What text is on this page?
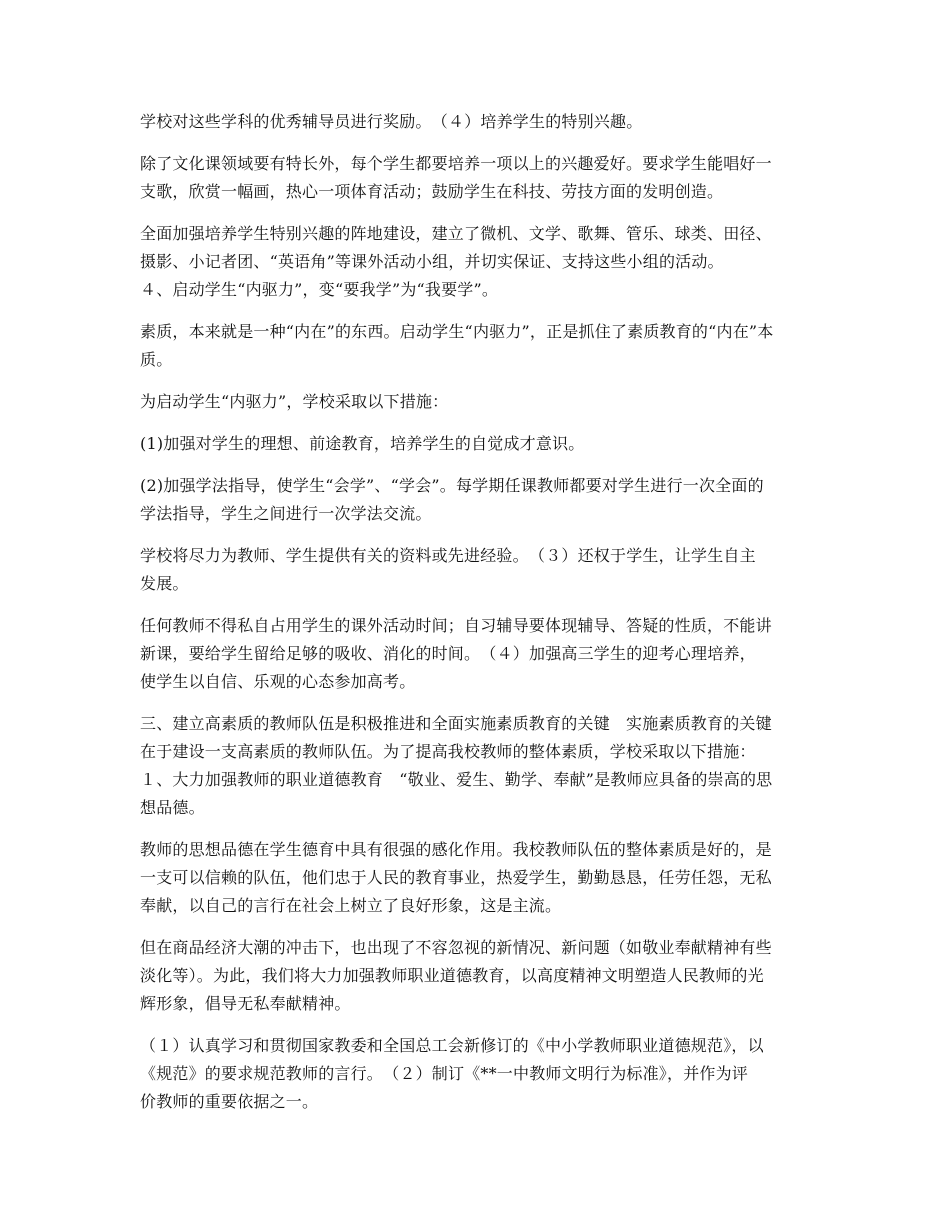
学校对这些学科的优秀辅导员进行奖励。　（４）培养学生的特别兴趣。

除了文化课领域要有特长外，每个学生都要培养一项以上的兴趣爱好。要求学生能唱好一
支歌，欣赏一幅画，热心一项体育活动；鼓励学生在科技、劳技方面的发明创造。

全面加强培养学生特别兴趣的阵地建设，建立了微机、文学、歌舞、管乐、球类、田径、
摄影、小记者团、“英语角”等课外活动小组，并切实保证、支持这些小组的活动。
４、启动学生“内驱力”，变“要我学”为“我要学”。

素质，本来就是一种“内在”的东西。启动学生“内驱力”，正是抓住了素质教育的“内在”本
质。

为启动学生“内驱力”，学校采取以下措施：

(1)加强对学生的理想、前途教育，培养学生的自觉成才意识。

(2)加强学法指导，使学生“会学”、“学会”。每学期任课教师都要对学生进行一次全面的
学法指导，学生之间进行一次学法交流。

学校将尽力为教师、学生提供有关的资料或先进经验。　（３）还权于学生，让学生自主
发展。

任何教师不得私自占用学生的课外活动时间；自习辅导要体现辅导、答疑的性质，不能讲
新课，要给学生留给足够的吸收、消化的时间。　（４）加强高三学生的迎考心理培养，
使学生以自信、乐观的心态参加高考。

三、建立高素质的教师队伍是积极推进和全面实施素质教育的关键　实施素质教育的关键
在于建设一支高素质的教师队伍。为了提高我校教师的整体素质，学校采取以下措施：
１、大力加强教师的职业道德教育　“敬业、爱生、勤学、奉献”是教师应具备的崇高的思
想品德。

教师的思想品德在学生德育中具有很强的感化作用。我校教师队伍的整体素质是好的，是
一支可以信赖的队伍，他们忠于人民的教育事业，热爱学生，勤勤恳恳，任劳任怨，无私
奉献，以自己的言行在社会上树立了良好形象，这是主流。

但在商品经济大潮的冲击下，也出现了不容忽视的新情况、新问题（如敬业奉献精神有些
淡化等）。为此，我们将大力加强教师职业道德教育，以高度精神文明塑造人民教师的光
辉形象，倡导无私奉献精神。

（１）认真学习和贯彻国家教委和全国总工会新修订的《中小学教师职业道德规范》，以
《规范》的要求规范教师的言行。　（２）制订《**一中教师文明行为标准》，并作为评
价教师的重要依据之一。
